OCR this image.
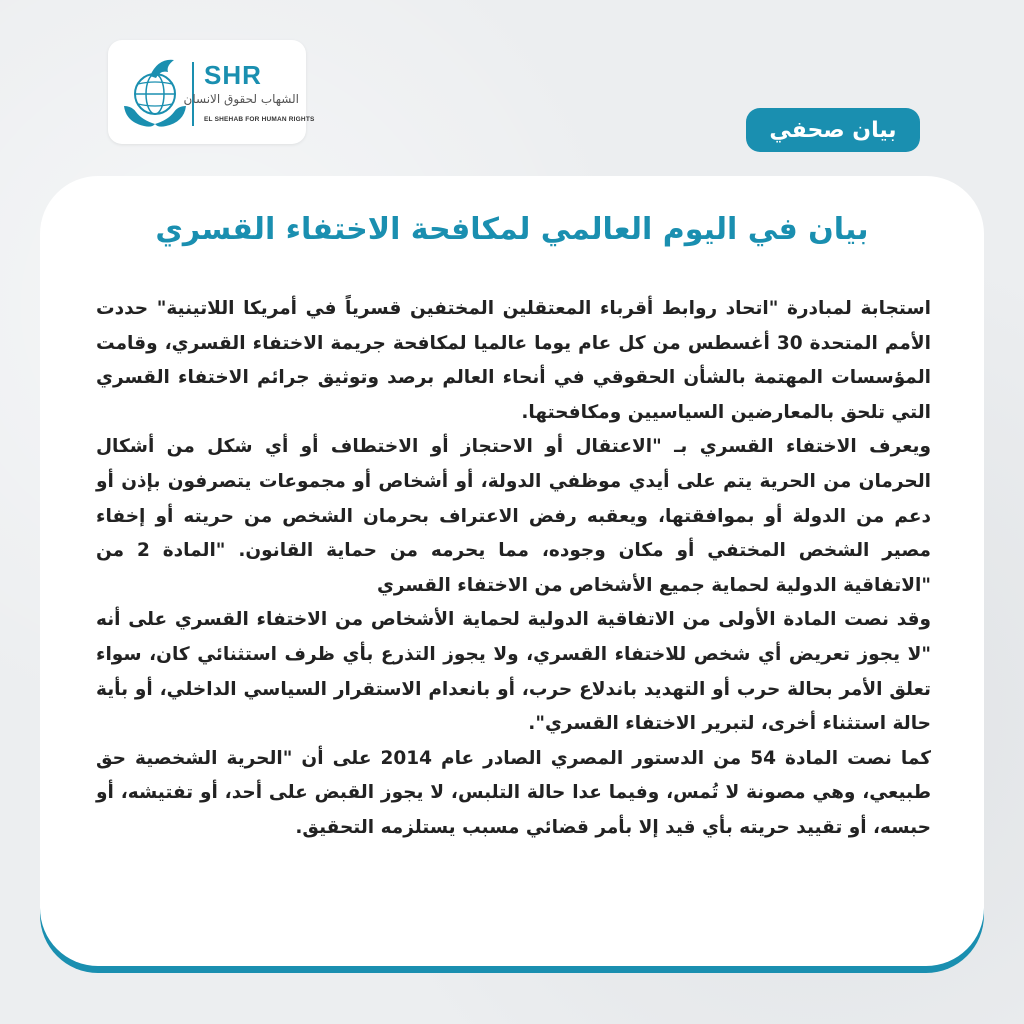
SHR
الشهاب لحقوق الانسان
EL SHEHAB FOR HUMAN RIGHTS	بيان صحفي
بيان في اليوم العالمي لمكافحة الاختفاء القسري

استجابة لمبادرة "اتحاد روابط أقرباء المعتقلين المختفين قسرياً في أمريكا اللاتينية" حددت الأمم المتحدة 30 أغسطس من كل عام يوما عالميا لمكافحة جريمة الاختفاء القسري، وقامت المؤسسات المهتمة بالشأن الحقوقي في أنحاء العالم برصد وتوثيق جرائم الاختفاء القسري التي تلحق بالمعارضين السياسيين ومكافحتها.

ويعرف الاختفاء القسري بـ "الاعتقال أو الاحتجاز أو الاختطاف أو أي شكل من أشكال الحرمان من الحرية يتم على أيدي موظفي الدولة، أو أشخاص أو مجموعات يتصرفون بإذن أو دعم من الدولة أو بموافقتها، ويعقبه رفض الاعتراف بحرمان الشخص من حريته أو إخفاء مصير الشخص المختفي أو مكان وجوده، مما يحرمه من حماية القانون. "المادة 2 من "الاتفاقية الدولية لحماية جميع الأشخاص من الاختفاء القسري

وقد نصت المادة الأولى من الاتفاقية الدولية لحماية الأشخاص من الاختفاء القسري على أنه "لا يجوز تعريض أي شخص للاختفاء القسري، ولا يجوز التذرع بأي ظرف استثنائي كان، سواء تعلق الأمر بحالة حرب أو التهديد باندلاع حرب، أو بانعدام الاستقرار السياسي الداخلي، أو بأية حالة استثناء أخرى، لتبرير الاختفاء القسري".

كما نصت المادة 54 من الدستور المصري الصادر عام 2014 على أن "الحرية الشخصية حق طبيعي، وهي مصونة لا تُمس، وفيما عدا حالة التلبس، لا يجوز القبض على أحد، أو تفتيشه، أو حبسه، أو تقييد حريته بأي قيد إلا بأمر قضائي مسبب يستلزمه التحقيق.
